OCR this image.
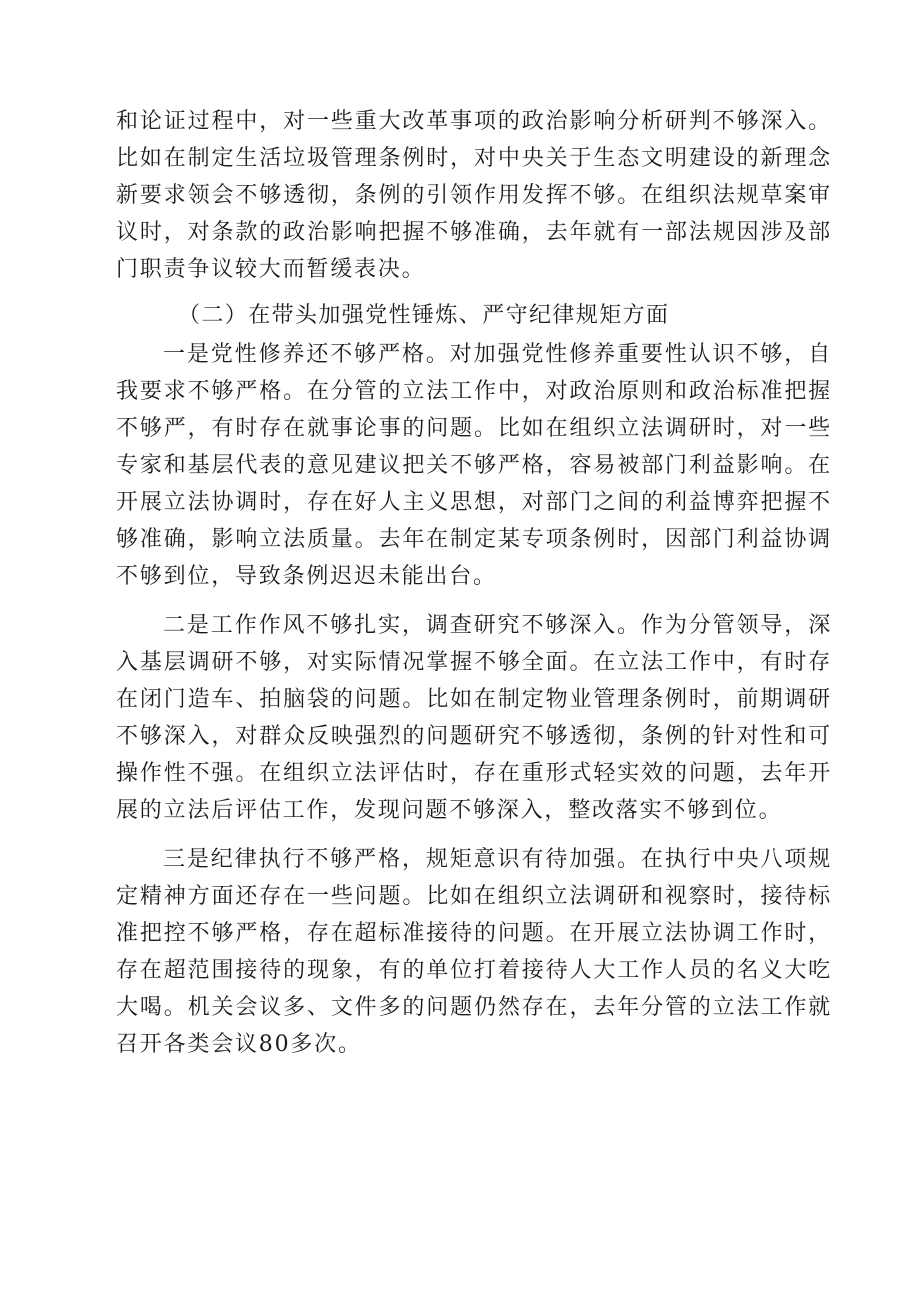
和论证过程中，对一些重大改革事项的政治影响分析研判不够深入。比如在制定生活垃圾管理条例时，对中央关于生态文明建设的新理念新要求领会不够透彻，条例的引领作用发挥不够。在组织法规草案审议时，对条款的政治影响把握不够准确，去年就有一部法规因涉及部门职责争议较大而暂缓表决。

（二）在带头加强党性锤炼、严守纪律规矩方面

一是党性修养还不够严格。对加强党性修养重要性认识不够，自我要求不够严格。在分管的立法工作中，对政治原则和政治标准把握不够严，有时存在就事论事的问题。比如在组织立法调研时，对一些专家和基层代表的意见建议把关不够严格，容易被部门利益影响。在开展立法协调时，存在好人主义思想，对部门之间的利益博弈把握不够准确，影响立法质量。去年在制定某专项条例时，因部门利益协调不够到位，导致条例迟迟未能出台。

二是工作作风不够扎实，调查研究不够深入。作为分管领导，深入基层调研不够，对实际情况掌握不够全面。在立法工作中，有时存在闭门造车、拍脑袋的问题。比如在制定物业管理条例时，前期调研不够深入，对群众反映强烈的问题研究不够透彻，条例的针对性和可操作性不强。在组织立法评估时，存在重形式轻实效的问题，去年开展的立法后评估工作，发现问题不够深入，整改落实不够到位。

三是纪律执行不够严格，规矩意识有待加强。在执行中央八项规定精神方面还存在一些问题。比如在组织立法调研和视察时，接待标准把控不够严格，存在超标准接待的问题。在开展立法协调工作时，存在超范围接待的现象，有的单位打着接待人大工作人员的名义大吃大喝。机关会议多、文件多的问题仍然存在，去年分管的立法工作就召开各类会议80多次。
